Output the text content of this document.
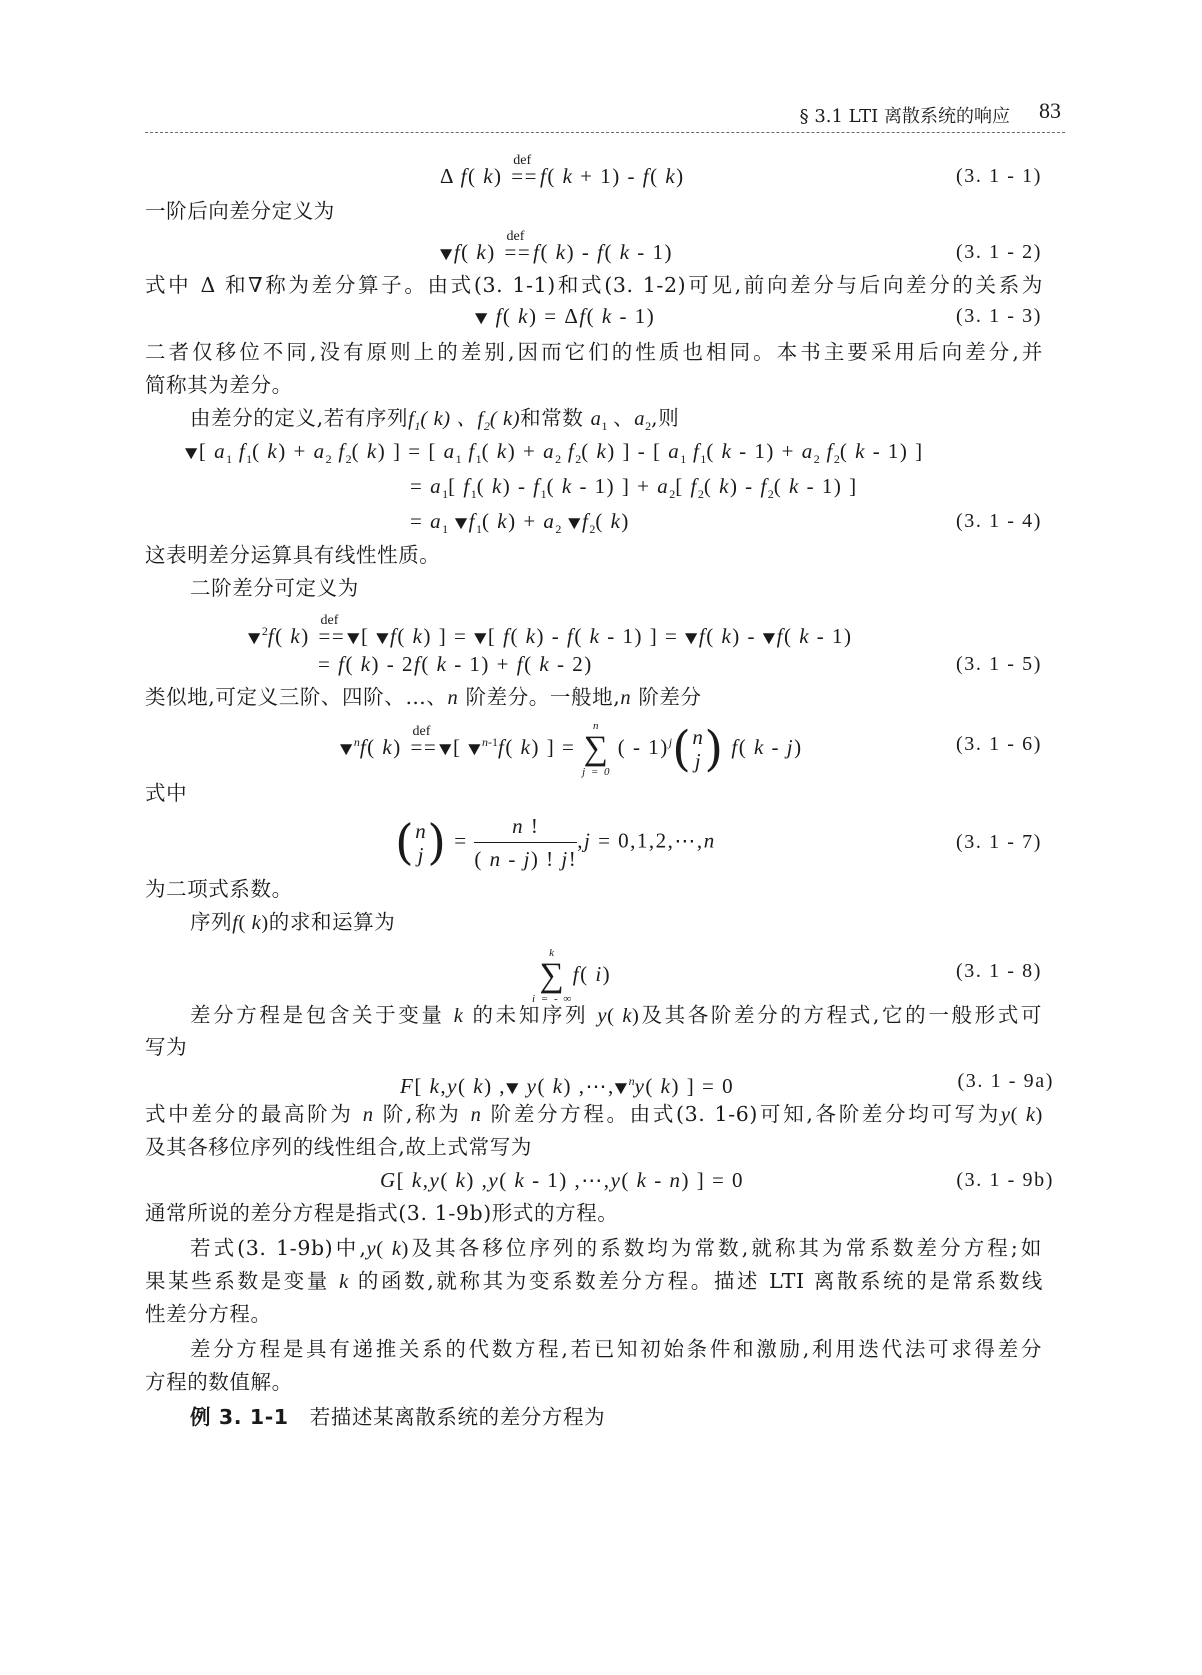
§ 3.1 LTI 离散系统的响应 83
Δ f( k)
def
==f( k + 1) - f( k)	(3. 1 - 1)
一阶后向差分定义为
▼f( k)
def
==f( k) - f( k - 1)	(3. 1 - 2)
式中 Δ 和∇称为差分算子。由式(3. 1-1)和式(3. 1-2)可见,前向差分与后向差分的关系为
▼ f( k) = Δf( k - 1)	(3. 1 - 3)
二者仅移位不同,没有原则上的差别,因而它们的性质也相同。本书主要采用后向差分,并
简称其为差分。
由差分的定义,若有序列$f_1$( k) 、$f_2$( k)和常数 $a_1$ 、$a_2$,则
▼[ $a_1$ $f_1$( $k) + a_2$ $f_2$( k) ] = [ $a_1$ $f_1$( $k) + a_2$ $f_2$( k) ] - [ $a_1$ $f_1$( $k - 1) + a_2$ $f_2$( k - 1) ]
= $a_1$[ $f_1$( $k) - f_1$( k - 1) ] + $a_2$[ $f_2$( $k) - f_2$( k - 1) ]
= $a_1$ $▼f_1$( $k) + a_2$ $▼f_2$( k)	(3. 1 - 4)
这表明差分运算具有线性性质。
二阶差分可定义为
▼$^2$f( k)
def
== ▼[ ▼f( k) ] = ▼[ f( k) - f( k - 1) ] = ▼f( k) - ▼f( k - 1)
= f( k) - 2f( k - 1) + f( k - 2)	(3. 1 - 5)
类似地,可定义三阶、四阶、…、n 阶差分。一般地,n 阶差分
▼$^n$f( k)
def
== ▼[ ▼$^{n-1}$f( k) ] =
n
∑
j = 0
( - 1)$^j$(n
j) f( k - j)	(3. 1 - 6)
式中
(n
$j) = \frac{n !}{( n - j) ! j!} ,j$ = 0,1,2,⋯,n	(3. 1 - 7)
为二项式系数。
序列f( k)的求和运算为
k
∑
i = - ∞
f( i)	(3. 1 - 8)
差分方程是包含关于变量 k 的未知序列 y( k)及其各阶差分的方程式,它的一般形式可
写为
F[ k,y( k) ,▼ y( k) ,⋯,▼$^n$y( k) ] = 0	(3. 1 - 9a)
式中差分的最高阶为 n 阶,称为 n 阶差分方程。由式(3. 1-6)可知,各阶差分均可写为y( k)
及其各移位序列的线性组合,故上式常写为
G[ k,y( k) ,y( k - 1) ,⋯,y( k - n) ] = 0	(3. 1 - 9b)
通常所说的差分方程是指式(3. 1-9b)形式的方程。
若式(3. 1-9b)中,y( k)及其各移位序列的系数均为常数,就称其为常系数差分方程;如
果某些系数是变量 k 的函数,就称其为变系数差分方程。描述 LTI 离散系统的是常系数线
性差分方程。
差分方程是具有递推关系的代数方程,若已知初始条件和激励,利用迭代法可求得差分
方程的数值解。
例 3. 1-1 若描述某离散系统的差分方程为
